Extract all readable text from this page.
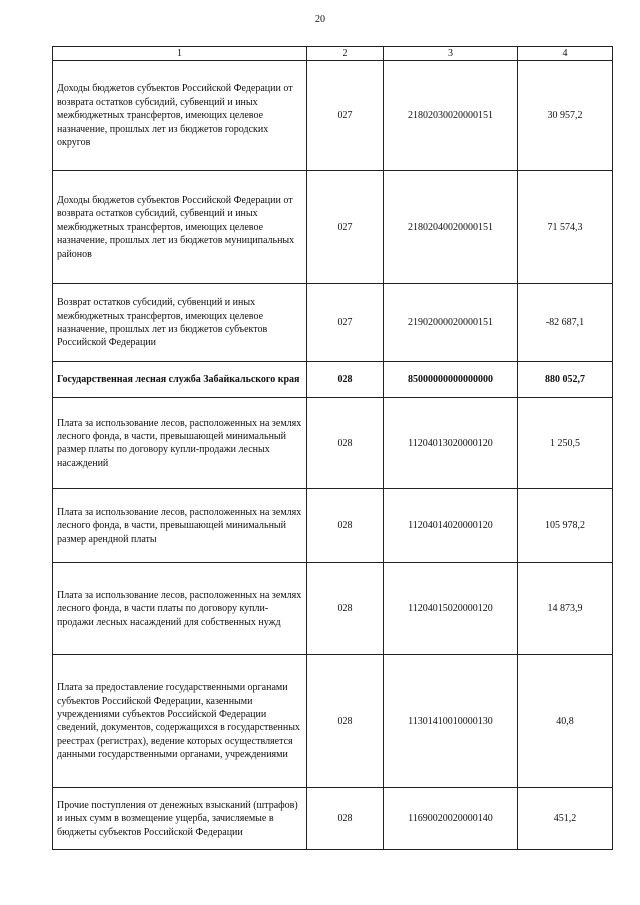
20
1	2	3	4
Доходы бюджетов субъектов Российской Федерации от возврата остатков субсидий, субвенций и иных межбюджетных трансфертов, имеющих целевое назначение, прошлых лет из бюджетов городских округов	027	21802030020000151	30 957,2
Доходы бюджетов субъектов Российской Федерации от возврата остатков субсидий, субвенций и иных межбюджетных трансфертов, имеющих целевое назначение, прошлых лет из бюджетов муниципальных районов	027	21802040020000151	71 574,3
Возврат остатков субсидий, субвенций и иных межбюджетных трансфертов, имеющих целевое назначение, прошлых лет из бюджетов субъектов Российской Федерации	027	21902000020000151	-82 687,1
Государственная лесная служба Забайкальского края	028	85000000000000000	880 052,7
Плата за использование лесов, расположенных на землях лесного фонда, в части, превышающей минимальный размер платы по договору купли-продажи лесных насаждений	028	11204013020000120	1 250,5
Плата за использование лесов, расположенных на землях лесного фонда, в части, превышающей минимальный размер арендной платы	028	11204014020000120	105 978,2
Плата за использование лесов, расположенных на землях лесного фонда, в части платы по договору купли-продажи лесных насаждений для собственных нужд	028	11204015020000120	14 873,9
Плата за предоставление государственными органами субъектов Российской Федерации, казенными учреждениями субъектов Российской Федерации сведений, документов, содержащихся в государственных реестрах (регистрах), ведение которых осуществляется данными государственными органами, учреждениями	028	11301410010000130	40,8
Прочие поступления от денежных взысканий (штрафов) и иных сумм в возмещение ущерба, зачисляемые в бюджеты субъектов Российской Федерации	028	11690020020000140	451,2
